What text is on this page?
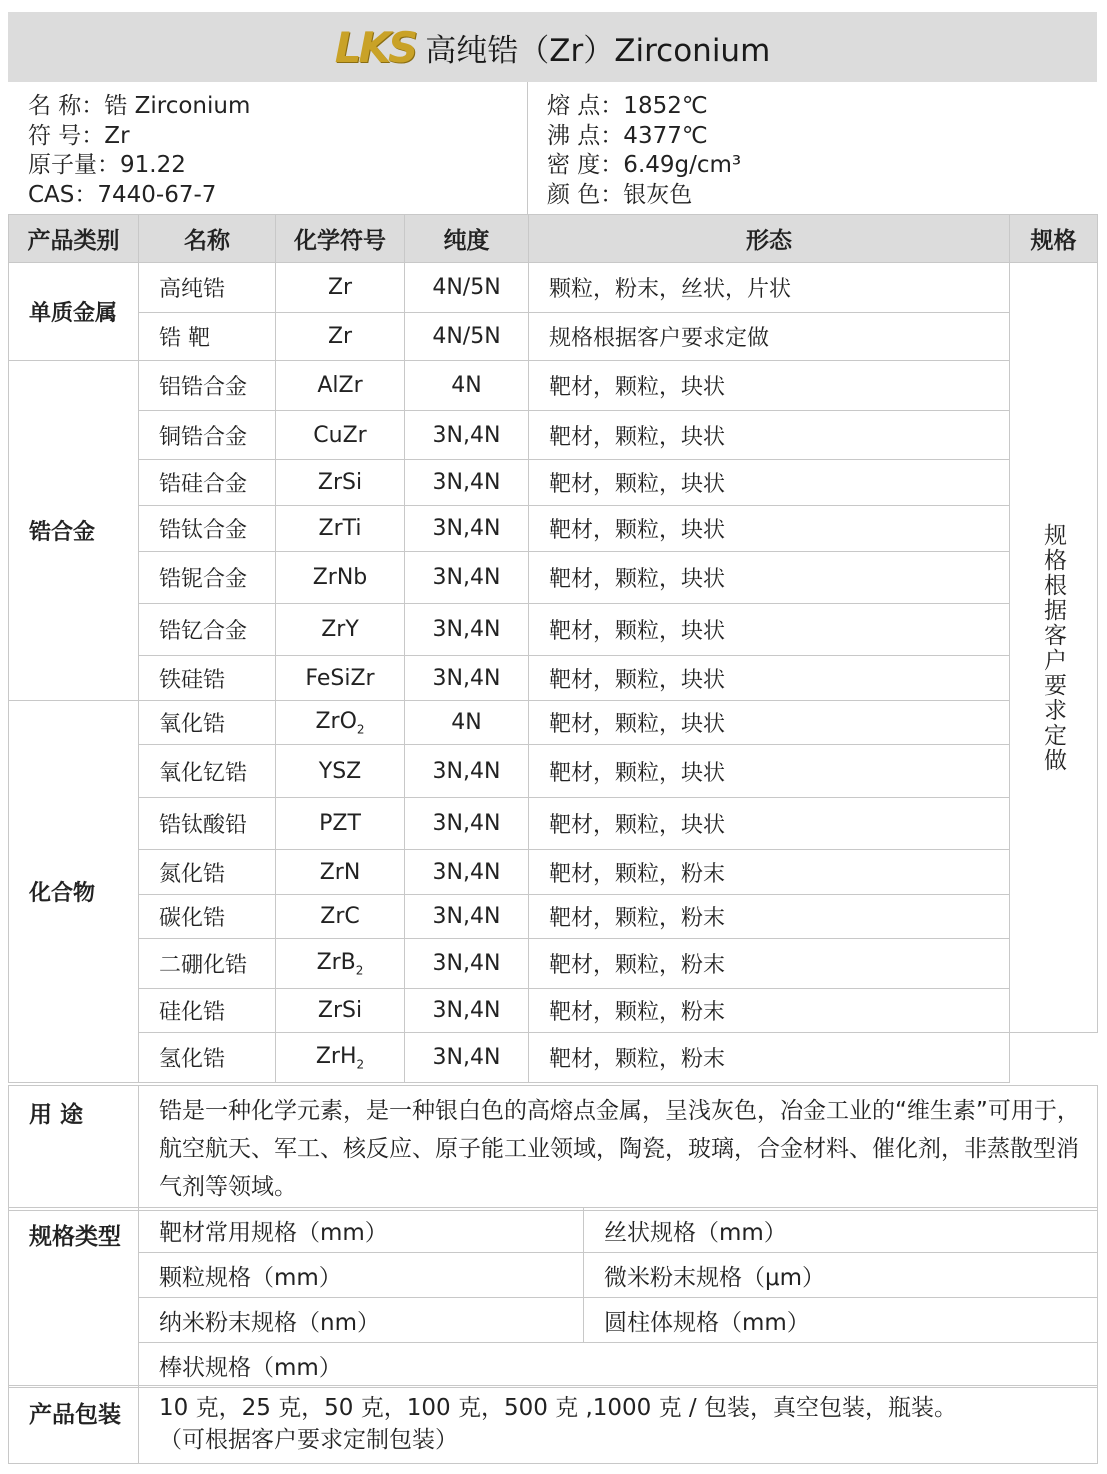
LKS 高纯锆（Zr）Zirconium
名 称：锆 Zirconium
符 号：Zr
原子量：91.22
CAS：7440-67-7
熔 点：1852℃
沸 点：4377℃
密 度：6.49g/cm³
颜 色：银灰色
产品类别	名称	化学符号	纯度	形态	规格
单质金属	高纯锆	Zr	4N/5N	颗粒，粉末，丝状，片状	规格根据客户要求定做

	锆 靶	Zr	4N/5N	规格根据客户要求定做	
锆合金	铝锆合金	AlZr	4N	靶材，颗粒，块状	
	铜锆合金	CuZr	3N,4N	靶材，颗粒，块状	
	锆硅合金	ZrSi	3N,4N	靶材，颗粒，块状	
	锆钛合金	ZrTi	3N,4N	靶材，颗粒，块状	
	锆铌合金	ZrNb	3N,4N	靶材，颗粒，块状	
	锆钇合金	ZrY	3N,4N	靶材，颗粒，块状	
	铁硅锆	FeSiZr	3N,4N	靶材，颗粒，块状	
化合物	氧化锆	ZrO$_2$	4N	靶材，颗粒，块状	
	氧化钇锆	YSZ	3N,4N	靶材，颗粒，块状	
	锆钛酸铅	PZT	3N,4N	靶材，颗粒，块状	
	氮化锆	ZrN	3N,4N	靶材，颗粒，粉末	
	碳化锆	ZrC	3N,4N	靶材，颗粒，粉末	
	二硼化锆	ZrB$_2$	3N,4N	靶材，颗粒，粉末	
	硅化锆	ZrSi	3N,4N	靶材，颗粒，粉末	
	氢化锆	ZrH$_2$	3N,4N	靶材，颗粒，粉末	
用 途	锆是一种化学元素，是一种银白色的高熔点金属，呈浅灰色，冶金工业的“维生素”可用于，航空航天、军工、核反应、原子能工业领域，陶瓷，玻璃，合金材料、催化剂，非蒸散型消气剂等领域。
规格类型	靶材常用规格（mm）	丝状规格（mm）
	颗粒规格（mm）	微米粉末规格（μm）
	纳米粉末规格（nm）	圆柱体规格（mm）
	棒状规格（mm）	
产品包装	10 克，25 克，50 克，100 克，500 克 ,1000 克 / 包装，真空包装，瓶装。
（可根据客户要求定制包装）
